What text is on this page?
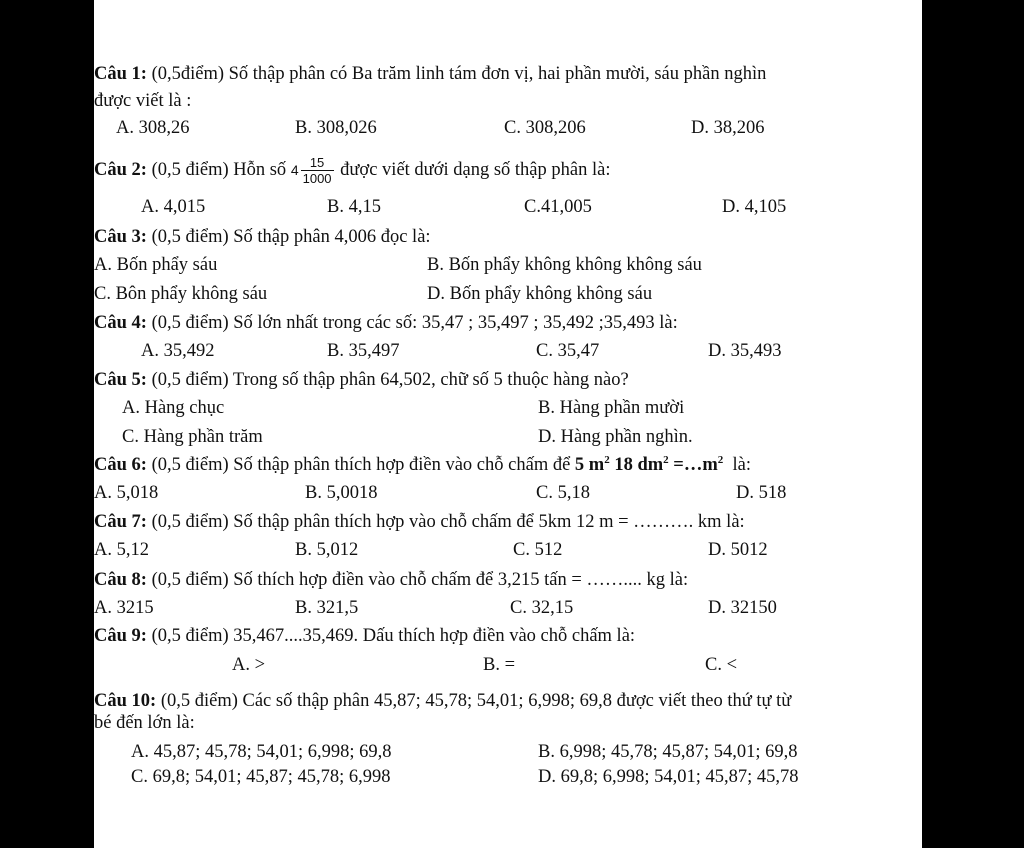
Câu 1: (0,5điểm) Số thập phân có Ba trăm linh tám đơn vị, hai phần mười, sáu phần nghìn
được viết là :
A. 308,26	B. 308,026	C. 308,206	D. 38,206
Câu 2: (0,5 điểm) Hỗn số $4 \frac{15}{1000}$ được viết dưới dạng số thập phân là:
A. 4,015	B. 4,15	C.41,005	D. 4,105
Câu 3: (0,5 điểm) Số thập phân 4,006 đọc là:
A. Bốn phẩy sáu	B. Bốn phẩy không không không sáu
C. Bôn phẩy không sáu	D. Bốn phẩy không không sáu
Câu 4: (0,5 điểm) Số lớn nhất trong các số: 35,47 ; 35,497 ; 35,492 ;35,493 là:
A. 35,492	B. 35,497	C. 35,47	D. 35,493
Câu 5: (0,5 điểm) Trong số thập phân 64,502, chữ số 5 thuộc hàng nào?
A. Hàng chục	B. Hàng phần mười
C. Hàng phần trăm	D. Hàng phần nghìn.
Câu 6: (0,5 điểm) Số thập phân thích hợp điền vào chỗ chấm để 5 $m^2$ 18 $dm^2$ $=\dots m^2$ là:
A. 5,018	B. 5,0018	C. 5,18	D. 518
Câu 7: (0,5 điểm) Số thập phân thích hợp vào chỗ chấm để 5km 12 m = ………. km là:
A. 5,12	B. 5,012	C. 512	D. 5012
Câu 8: (0,5 điểm) Số thích hợp điền vào chỗ chấm để 3,215 tấn = …….... kg là:
A. 3215	B. 321,5	C. 32,15	D. 32150
Câu 9: (0,5 điểm) 35,467....35,469. Dấu thích hợp điền vào chỗ chấm là:
A. >	B. =	C. <
Câu 10: (0,5 điểm) Các số thập phân 45,87; 45,78; 54,01; 6,998; 69,8 được viết theo thứ tự từ
bé đến lớn là:
A. 45,87; 45,78; 54,01; 6,998; 69,8	B. 6,998; 45,78; 45,87; 54,01; 69,8
C. 69,8; 54,01; 45,87; 45,78; 6,998	D. 69,8; 6,998; 54,01; 45,87; 45,78
